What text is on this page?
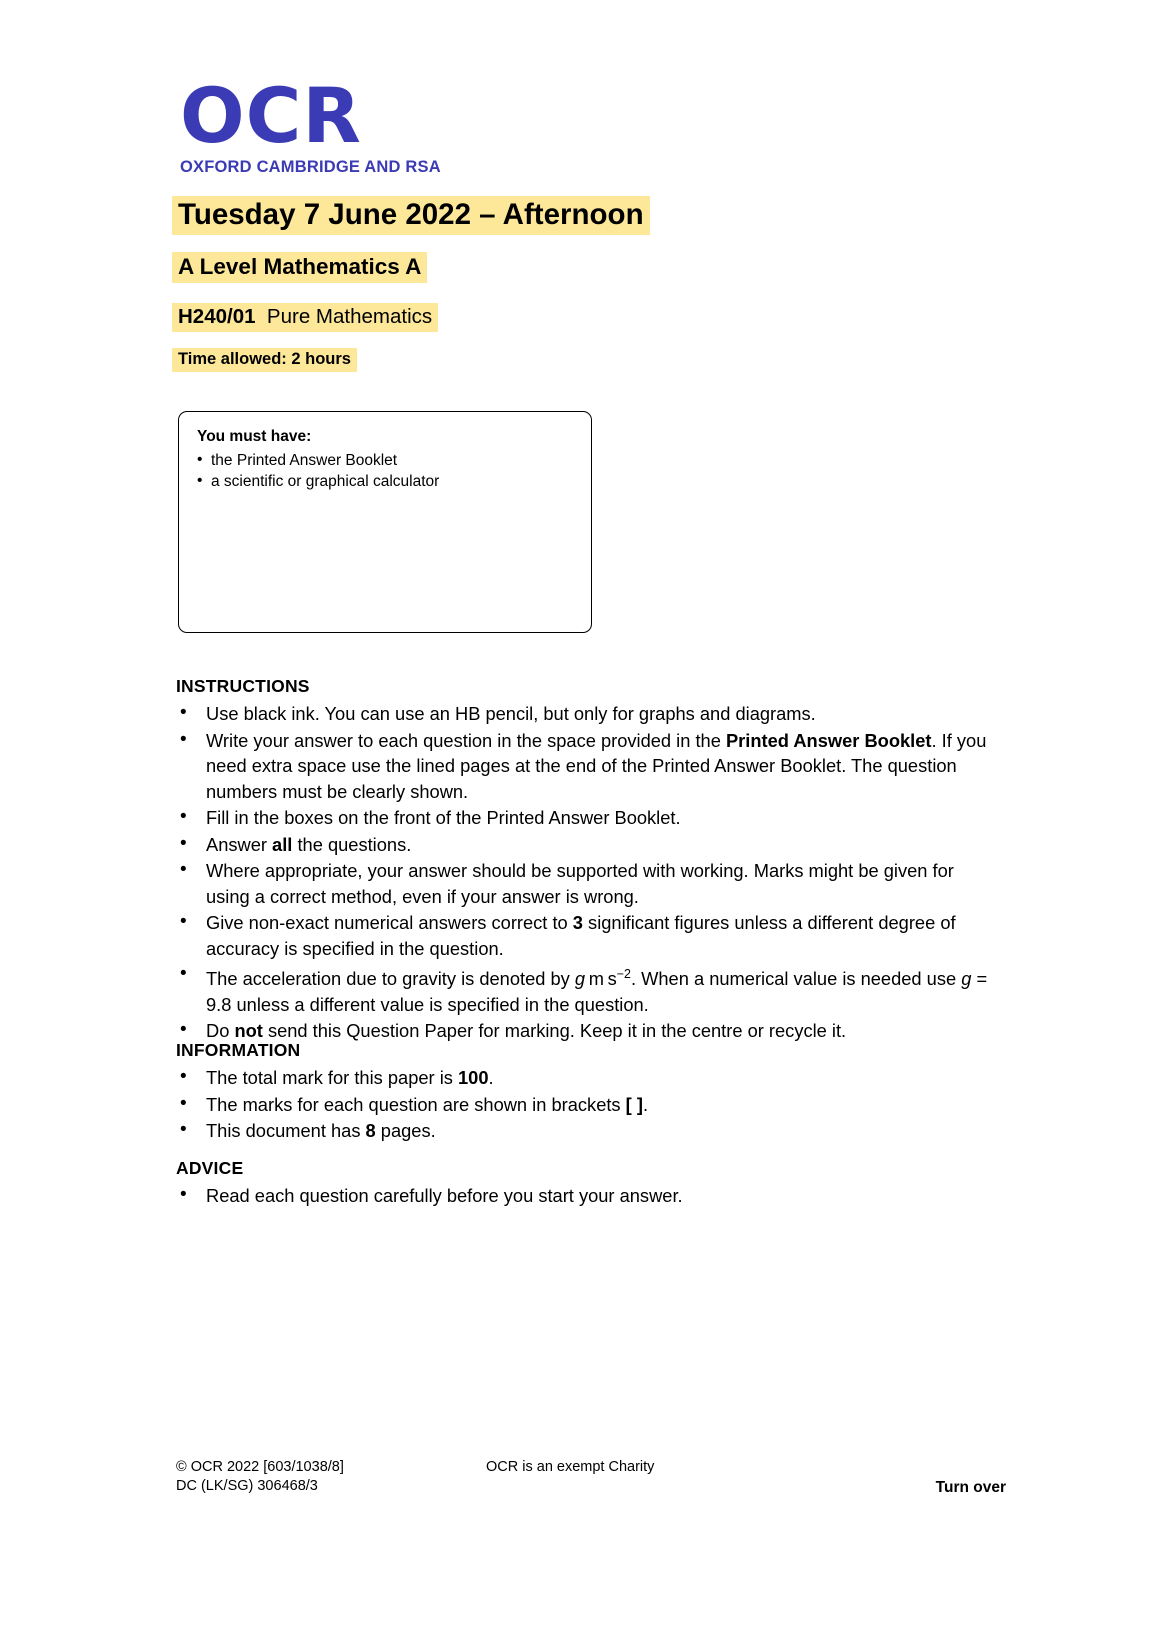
OCR
OXFORD CAMBRIDGE AND RSA
Tuesday 7 June 2022 – Afternoon
A Level Mathematics A
H240/01 Pure Mathematics
Time allowed: 2 hours
You must have:
• the Printed Answer Booklet
• a scientific or graphical calculator
INSTRUCTIONS
• Use black ink. You can use an HB pencil, but only for graphs and diagrams.
• Write your answer to each question in the space provided in the Printed Answer Booklet. If you need extra space use the lined pages at the end of the Printed Answer Booklet. The question numbers must be clearly shown.
• Fill in the boxes on the front of the Printed Answer Booklet.
• Answer all the questions.
• Where appropriate, your answer should be supported with working. Marks might be given for using a correct method, even if your answer is wrong.
• Give non-exact numerical answers correct to 3 significant figures unless a different degree of accuracy is specified in the question.
• The acceleration due to gravity is denoted by g m $s^{-2}$. When a numerical value is needed use g = 9.8 unless a different value is specified in the question.
• Do not send this Question Paper for marking. Keep it in the centre or recycle it.
INFORMATION
• The total mark for this paper is 100.
• The marks for each question are shown in brackets [ ].
• This document has 8 pages.
ADVICE
• Read each question carefully before you start your answer.
© OCR 2022 [603/1038/8]
DC (LK/SG) 306468/3
OCR is an exempt Charity
Turn over
